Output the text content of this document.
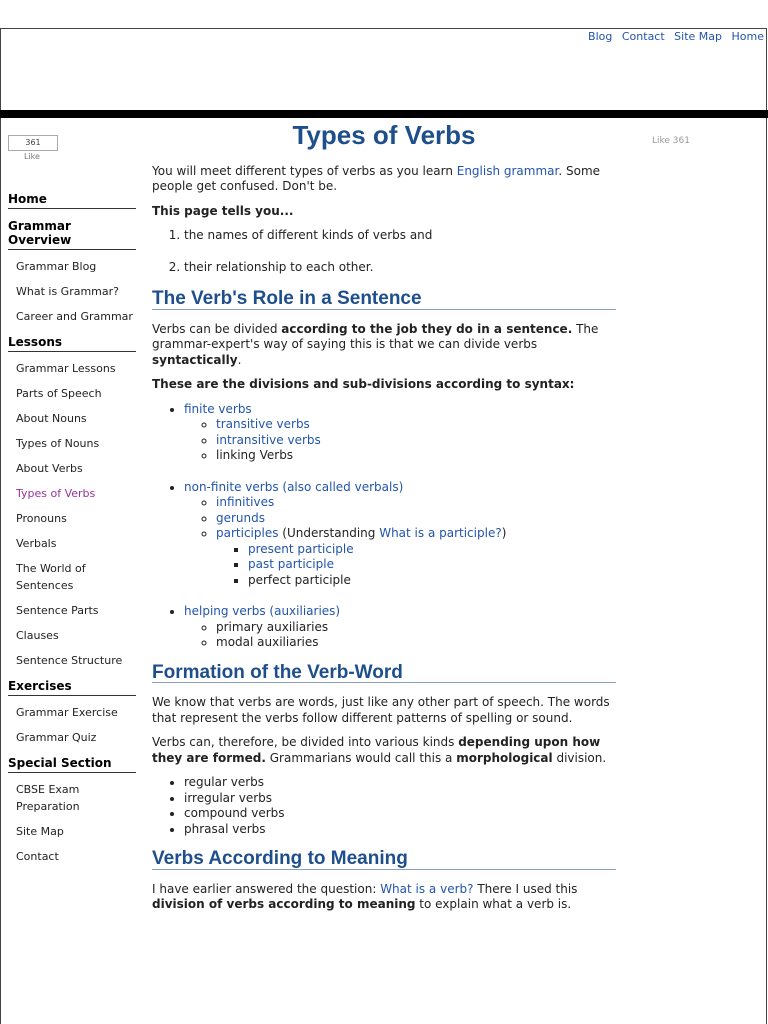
Blog Contact Site Map Home
361
Like
Like 361
Home
Grammar Overview
Grammar Blog
What is Grammar?
Career and Grammar
Lessons
Grammar Lessons
Parts of Speech
About Nouns
Types of Nouns
About Verbs
Types of Verbs
Pronouns
Verbals
The World of Sentences
Sentence Parts
Clauses
Sentence Structure
Exercises
Grammar Exercise
Grammar Quiz
Special Section
CBSE Exam Preparation
Site Map
Contact
Types of Verbs

You will meet different types of verbs as you learn English grammar. Some people get confused. Don't be.

This page tells you...

1. the names of different kinds of verbs and
2. their relationship to each other.
The Verb's Role in a Sentence

Verbs can be divided according to the job they do in a sentence. The grammar-expert's way of saying this is that we can divide verbs syntactically.

These are the divisions and sub-divisions according to syntax:

• finite verbs
◦ transitive verbs
◦ intransitive verbs
◦ linking Verbs
• non-finite verbs (also called verbals)
◦ infinitives
◦ gerunds
◦ participles (Understanding What is a participle?)
▪ present participle
▪ past participle
▪ perfect participle
• helping verbs (auxiliaries)
◦ primary auxiliaries
◦ modal auxiliaries
Formation of the Verb-Word

We know that verbs are words, just like any other part of speech. The words that represent the verbs follow different patterns of spelling or sound.

Verbs can, therefore, be divided into various kinds depending upon how they are formed. Grammarians would call this a morphological division.

• regular verbs
• irregular verbs
• compound verbs
• phrasal verbs
Verbs According to Meaning

I have earlier answered the question: What is a verb? There I used this division of verbs according to meaning to explain what a verb is.
